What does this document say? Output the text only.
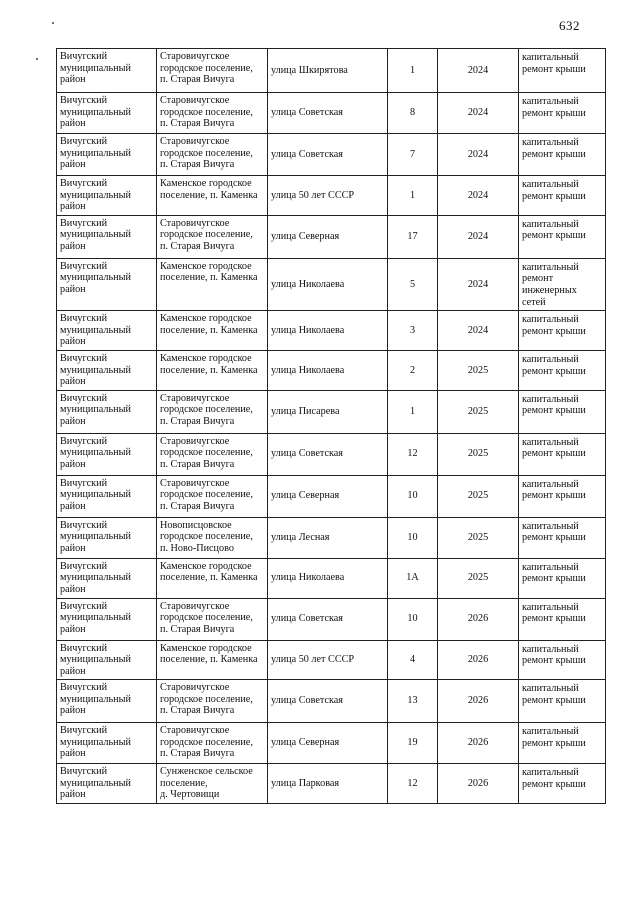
632
Вичугский
муниципальный
район	Старовичугское
городское поселение,
п. Старая Вичуга	улица Шкирятова	1	2024	капитальный
ремонт крыши

Вичугский
муниципальный
район	Старовичугское
городское поселение,
п. Старая Вичуга	улица Советская	8	2024	капитальный
ремонт крыши

Вичугский
муниципальный
район	Старовичугское
городское поселение,
п. Старая Вичуга	улица Советская	7	2024	капитальный
ремонт крыши

Вичугский
муниципальный
район	Каменское городское
поселение, п. Каменка	улица 50 лет СССР	1	2024	капитальный
ремонт крыши

Вичугский
муниципальный
район	Старовичугское
городское поселение,
п. Старая Вичуга	улица Северная	17	2024	капитальный
ремонт крыши

Вичугский
муниципальный
район	Каменское городское
поселение, п. Каменка	улица Николаева	5	2024	капитальный
ремонт
инженерных
сетей

Вичугский
муниципальный
район	Каменское городское
поселение, п. Каменка	улица Николаева	3	2024	капитальный
ремонт крыши

Вичугский
муниципальный
район	Каменское городское
поселение, п. Каменка	улица Николаева	2	2025	капитальный
ремонт крыши

Вичугский
муниципальный
район	Старовичугское
городское поселение,
п. Старая Вичуга	улица Писарева	1	2025	капитальный
ремонт крыши

Вичугский
муниципальный
район	Старовичугское
городское поселение,
п. Старая Вичуга	улица Советская	12	2025	капитальный
ремонт крыши

Вичугский
муниципальный
район	Старовичугское
городское поселение,
п. Старая Вичуга	улица Северная	10	2025	капитальный
ремонт крыши

Вичугский
муниципальный
район	Новописцовское
городское поселение,
п. Ново-Писцово	улица Лесная	10	2025	капитальный
ремонт крыши

Вичугский
муниципальный
район	Каменское городское
поселение, п. Каменка	улица Николаева	1А	2025	капитальный
ремонт крыши

Вичугский
муниципальный
район	Старовичугское
городское поселение,
п. Старая Вичуга	улица Советская	10	2026	капитальный
ремонт крыши

Вичугский
муниципальный
район	Каменское городское
поселение, п. Каменка	улица 50 лет СССР	4	2026	капитальный
ремонт крыши

Вичугский
муниципальный
район	Старовичугское
городское поселение,
п. Старая Вичуга	улица Советская	13	2026	капитальный
ремонт крыши

Вичугский
муниципальный
район	Старовичугское
городское поселение,
п. Старая Вичуга	улица Северная	19	2026	капитальный
ремонт крыши

Вичугский
муниципальный
район	Сунженское сельское
поселение,
д. Чертовищи	улица Парковая	12	2026	капитальный
ремонт крыши
